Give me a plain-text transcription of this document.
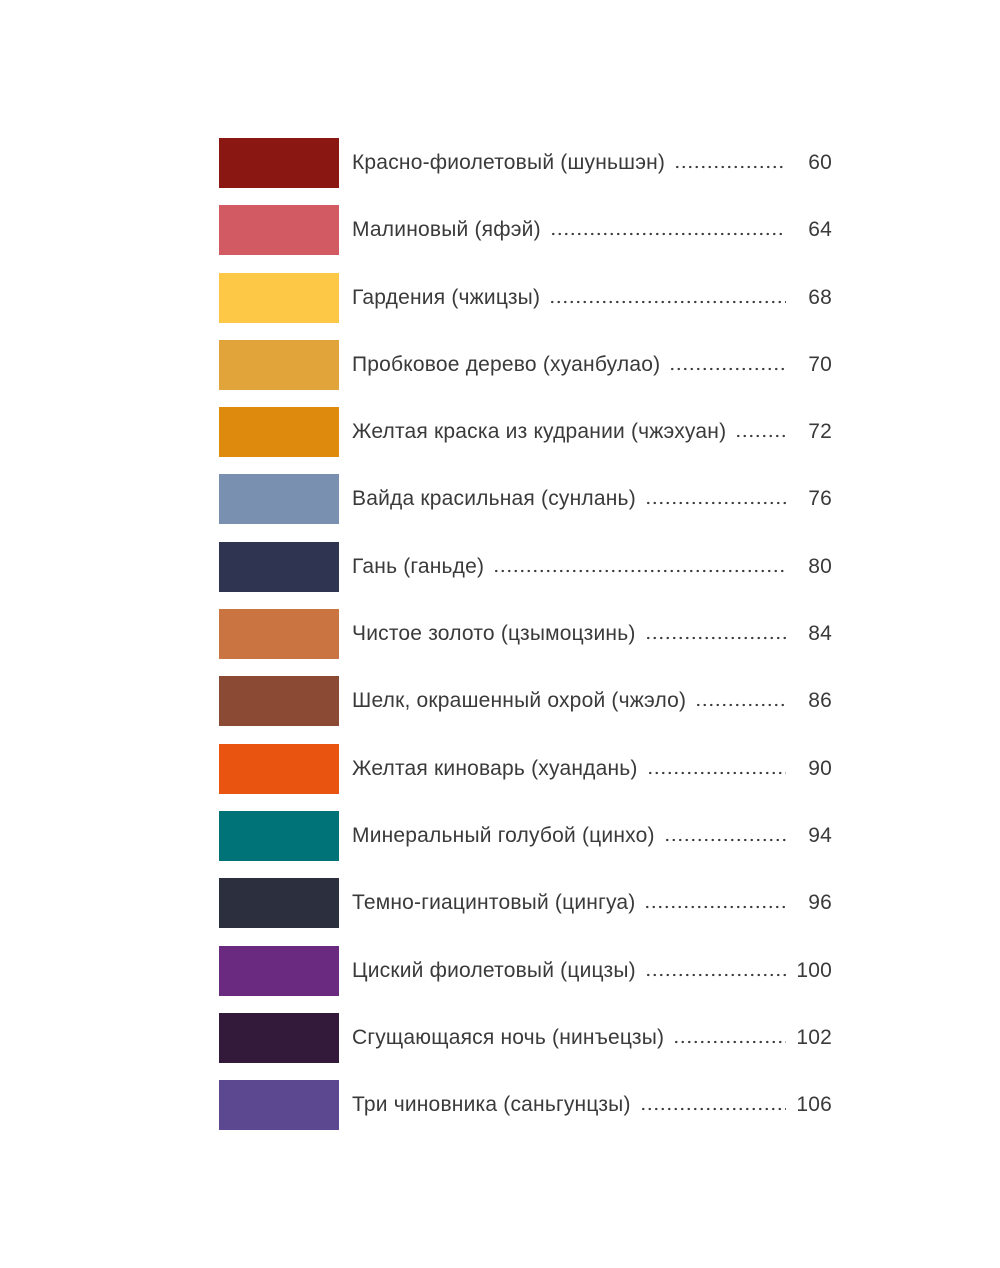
Красно-фиолетовый (шуньшэн)	60
Малиновый (яфэй)	64
Гардения (чжицзы)	68
Пробковое дерево (хуанбулао)	70
Желтая краска из кудрании (чжэхуан)	72
Вайда красильная (сунлань)	76
Гань (ганьде)	80
Чистое золото (цзымоцзинь)	84
Шелк, окрашенный охрой (чжэло)	86
Желтая киноварь (хуандань)	90
Минеральный голубой (цинхо)	94
Темно-гиацинтовый (цингуа)	96
Циский фиолетовый (цицзы)	100
Сгущающаяся ночь (нинъецзы)	102
Три чиновника (саньгунцзы)	106
